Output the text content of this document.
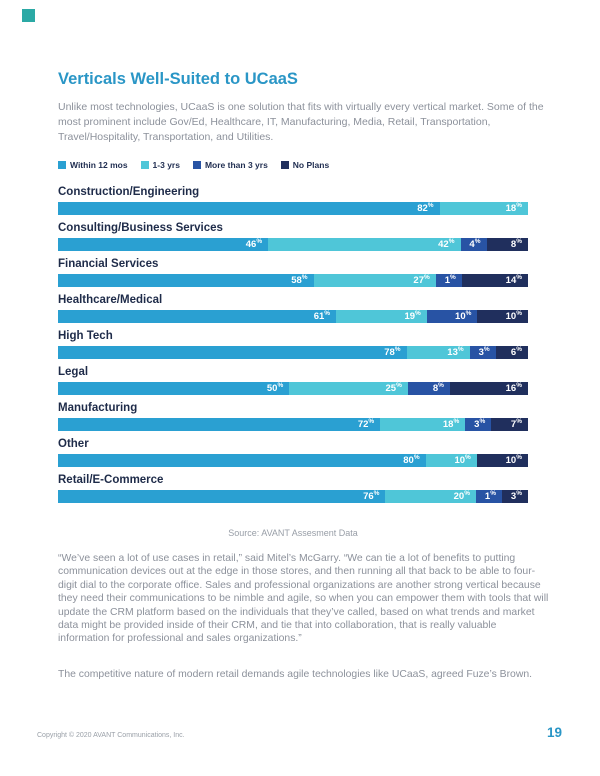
Verticals Well-Suited to UCaaS

Unlike most technologies, UCaaS is one solution that fits with virtually every vertical market. Some of the most prominent include Gov/Ed, Healthcare, IT, Manufacturing, Media, Retail, Transportation, Travel/Hospitality, Transportation, and Utilities.

Within 12 mos	1-3 yrs	More than 3 yrs	No Plans
Construction/Engineering
82%	18%
Consulting/Business Services
46%	42% 4%	8%
Financial Services
58%	27% 1%	14%
Healthcare/Medical
61%	19%	10%	10%
High Tech
78%	13% 3% 6%
Legal
50%	25%	8%	16%
Manufacturing
72%	18% 3%	7%
Other
80%	10%	10%
Retail/E-Commerce
76%	20% 1% 3%
Source: AVANT Assesment Data

“We’ve seen a lot of use cases in retail,” said Mitel’s McGarry. “We can tie a lot of benefits to putting communication devices out at the edge in those stores, and then running all that back to be able to four-digit dial to the corporate office. Sales and professional organizations are another strong vertical because they need their communications to be nimble and agile, so when you can empower them with tools that will update the CRM platform based on the individuals that they’ve called, based on what trends and market data might be provided inside of their CRM, and tie that into collaboration, that is really valuable information for professional and sales organizations.”

The competitive nature of modern retail demands agile technologies like UCaaS, agreed Fuze’s Brown.

Copyright © 2020 AVANT Communications, Inc.	19
